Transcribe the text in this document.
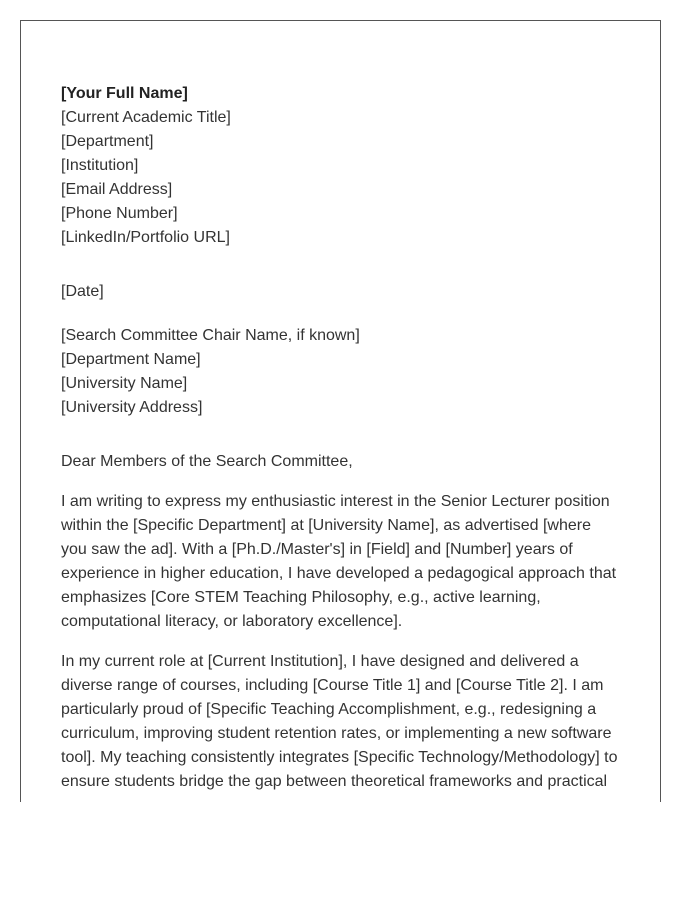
[Your Full Name]
[Current Academic Title]
[Department]
[Institution]
[Email Address]
[Phone Number]
[LinkedIn/Portfolio URL]
[Date]
[Search Committee Chair Name, if known]
[Department Name]
[University Name]
[University Address]
Dear Members of the Search Committee,

I am writing to express my enthusiastic interest in the Senior Lecturer position within the [Specific Department] at [University Name], as advertised [where you saw the ad]. With a [Ph.D./Master's] in [Field] and [Number] years of experience in higher education, I have developed a pedagogical approach that emphasizes [Core STEM Teaching Philosophy, e.g., active learning, computational literacy, or laboratory excellence].

In my current role at [Current Institution], I have designed and delivered a diverse range of courses, including [Course Title 1] and [Course Title 2]. I am particularly proud of [Specific Teaching Accomplishment, e.g., redesigning a curriculum, improving student retention rates, or implementing a new software tool]. My teaching consistently integrates [Specific Technology/Methodology] to ensure students bridge the gap between theoretical frameworks and practical
